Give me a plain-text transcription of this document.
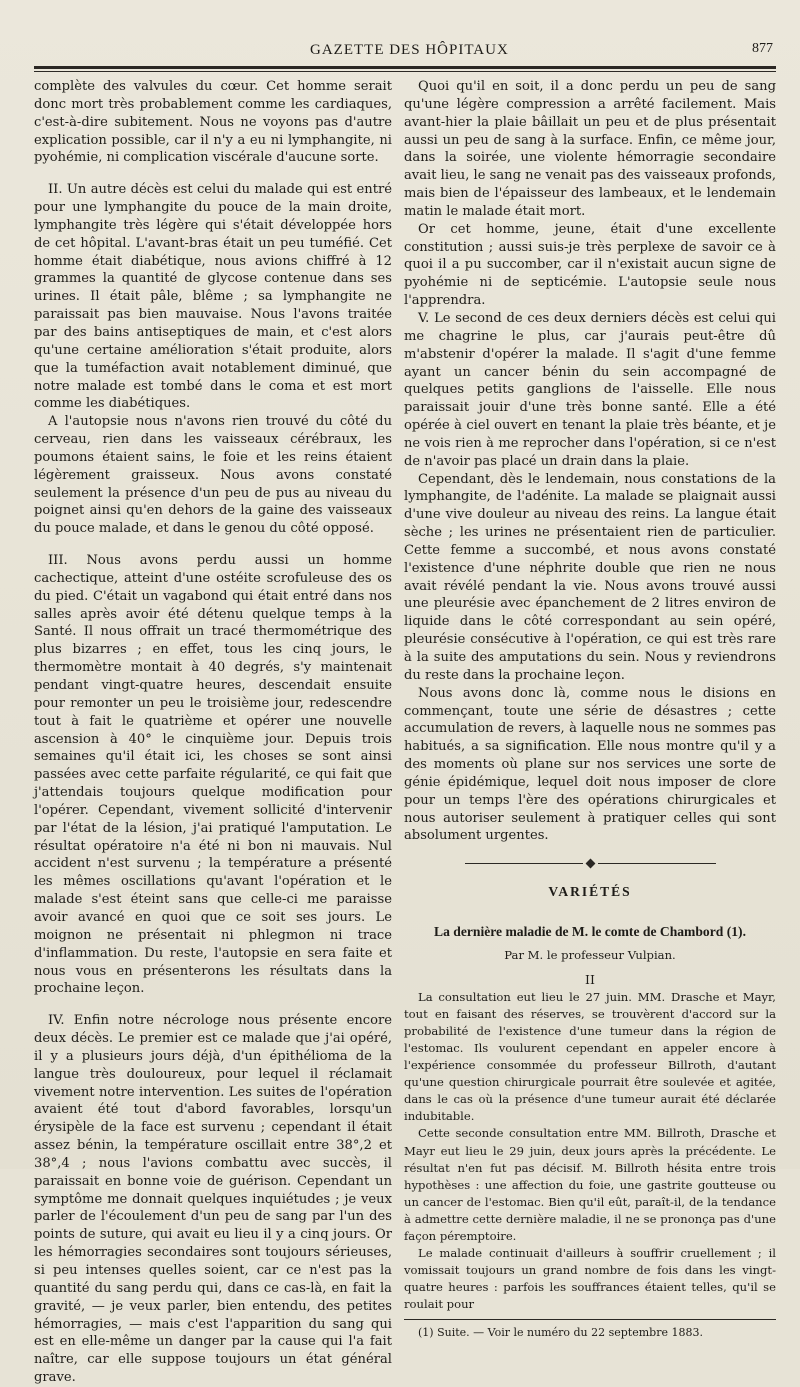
GAZETTE DES HÔPITAUX	877

complète des valvules du cœur. Cet homme serait donc mort très probablement comme les cardiaques, c'est-à-dire subitement. Nous ne voyons pas d'autre explication possible, car il n'y a eu ni lymphangite, ni pyohémie, ni complication viscérale d'aucune sorte.

II. Un autre décès est celui du malade qui est entré pour une lymphangite du pouce de la main droite, lymphangite très légère qui s'était développée hors de cet hôpital. L'avant-bras était un peu tuméfié. Cet homme était diabétique, nous avions chiffré à 12 grammes la quantité de glycose contenue dans ses urines. Il était pâle, blême ; sa lymphangite ne paraissait pas bien mauvaise. Nous l'avons traitée par des bains antiseptiques de main, et c'est alors qu'une certaine amélioration s'était produite, alors que la tuméfaction avait notablement diminué, que notre malade est tombé dans le coma et est mort comme les diabétiques.

A l'autopsie nous n'avons rien trouvé du côté du cerveau, rien dans les vaisseaux cérébraux, les poumons étaient sains, le foie et les reins étaient légèrement graisseux. Nous avons constaté seulement la présence d'un peu de pus au niveau du poignet ainsi qu'en dehors de la gaine des vaisseaux du pouce malade, et dans le genou du côté opposé.

III. Nous avons perdu aussi un homme cachectique, atteint d'une ostéite scrofuleuse des os du pied. C'était un vagabond qui était entré dans nos salles après avoir été détenu quelque temps à la Santé. Il nous offrait un tracé thermométrique des plus bizarres ; en effet, tous les cinq jours, le thermomètre montait à 40 degrés, s'y maintenait pendant vingt-quatre heures, descendait ensuite pour remonter un peu le troisième jour, redescendre tout à fait le quatrième et opérer une nouvelle ascension à 40° le cinquième jour. Depuis trois semaines qu'il était ici, les choses se sont ainsi passées avec cette parfaite régularité, ce qui fait que j'attendais toujours quelque modification pour l'opérer. Cependant, vivement sollicité d'intervenir par l'état de la lésion, j'ai pratiqué l'amputation. Le résultat opératoire n'a été ni bon ni mauvais. Nul accident n'est survenu ; la température a présenté les mêmes oscillations qu'avant l'opération et le malade s'est éteint sans que celle-ci me paraisse avoir avancé en quoi que ce soit ses jours. Le moignon ne présentait ni phlegmon ni trace d'inflammation. Du reste, l'autopsie en sera faite et nous vous en présenterons les résultats dans la prochaine leçon.

IV. Enfin notre nécrologe nous présente encore deux décès. Le premier est ce malade que j'ai opéré, il y a plusieurs jours déjà, d'un épithélioma de la langue très douloureux, pour lequel il réclamait vivement notre intervention. Les suites de l'opération avaient été tout d'abord favorables, lorsqu'un érysipèle de la face est survenu ; cependant il était assez bénin, la température oscillait entre 38°,2 et 38°,4 ; nous l'avions combattu avec succès, il paraissait en bonne voie de guérison. Cependant un symptôme me donnait quelques inquiétudes ; je veux parler de l'écoulement d'un peu de sang par l'un des points de suture, qui avait eu lieu il y a cinq jours. Or les hémorragies secondaires sont toujours sérieuses, si peu intenses quelles soient, car ce n'est pas la quantité du sang perdu qui, dans ce cas-là, en fait la gravité, — je veux parler, bien entendu, des petites hémorragies, — mais c'est l'apparition du sang qui est en elle-même un danger par la cause qui l'a fait naître, car elle suppose toujours un état général grave.

Quoi qu'il en soit, il a donc perdu un peu de sang qu'une légère compression a arrêté facilement. Mais avant-hier la plaie bâillait un peu et de plus présentait aussi un peu de sang à la surface. Enfin, ce même jour, dans la soirée, une violente hémorragie secondaire avait lieu, le sang ne venait pas des vaisseaux profonds, mais bien de l'épaisseur des lambeaux, et le lendemain matin le malade était mort.

Or cet homme, jeune, était d'une excellente constitution ; aussi suis-je très perplexe de savoir ce à quoi il a pu succomber, car il n'existait aucun signe de pyohémie ni de septicémie. L'autopsie seule nous l'apprendra.

V. Le second de ces deux derniers décès est celui qui me chagrine le plus, car j'aurais peut-être dû m'abstenir d'opérer la malade. Il s'agit d'une femme ayant un cancer bénin du sein accompagné de quelques petits ganglions de l'aisselle. Elle nous paraissait jouir d'une très bonne santé. Elle a été opérée à ciel ouvert en tenant la plaie très béante, et je ne vois rien à me reprocher dans l'opération, si ce n'est de n'avoir pas placé un drain dans la plaie.

Cependant, dès le lendemain, nous constations de la lymphangite, de l'adénite. La malade se plaignait aussi d'une vive douleur au niveau des reins. La langue était sèche ; les urines ne présentaient rien de particulier. Cette femme a succombé, et nous avons constaté l'existence d'une néphrite double que rien ne nous avait révélé pendant la vie. Nous avons trouvé aussi une pleurésie avec épanchement de 2 litres environ de liquide dans le côté correspondant au sein opéré, pleurésie consécutive à l'opération, ce qui est très rare à la suite des amputations du sein. Nous y reviendrons du reste dans la prochaine leçon.

Nous avons donc là, comme nous le disions en commençant, toute une série de désastres ; cette accumulation de revers, à laquelle nous ne sommes pas habitués, a sa signification. Elle nous montre qu'il y a des moments où plane sur nos services une sorte de génie épidémique, lequel doit nous imposer de clore pour un temps l'ère des opérations chirurgicales et nous autoriser seulement à pratiquer celles qui sont absolument urgentes.

VARIÉTÉS
La dernière maladie de M. le comte de Chambord (1).
Par M. le professeur Vulpian.
II

La consultation eut lieu le 27 juin. MM. Drasche et Mayr, tout en faisant des réserves, se trouvèrent d'accord sur la probabilité de l'existence d'une tumeur dans la région de l'estomac. Ils voulurent cependant en appeler encore à l'expérience consommée du professeur Billroth, d'autant qu'une question chirurgicale pourrait être soulevée et agitée, dans le cas où la présence d'une tumeur aurait été déclarée indubitable.

Cette seconde consultation entre MM. Billroth, Drasche et Mayr eut lieu le 29 juin, deux jours après la précédente. Le résultat n'en fut pas décisif. M. Billroth hésita entre trois hypothèses : une affection du foie, une gastrite goutteuse ou un cancer de l'estomac. Bien qu'il eût, paraît-il, de la tendance à admettre cette dernière maladie, il ne se prononça pas d'une façon péremptoire.

Le malade continuait d'ailleurs à souffrir cruellement ; il vomissait toujours un grand nombre de fois dans les vingt-quatre heures : parfois les souffrances étaient telles, qu'il se roulait pour

(1) Suite. — Voir le numéro du 22 septembre 1883.
